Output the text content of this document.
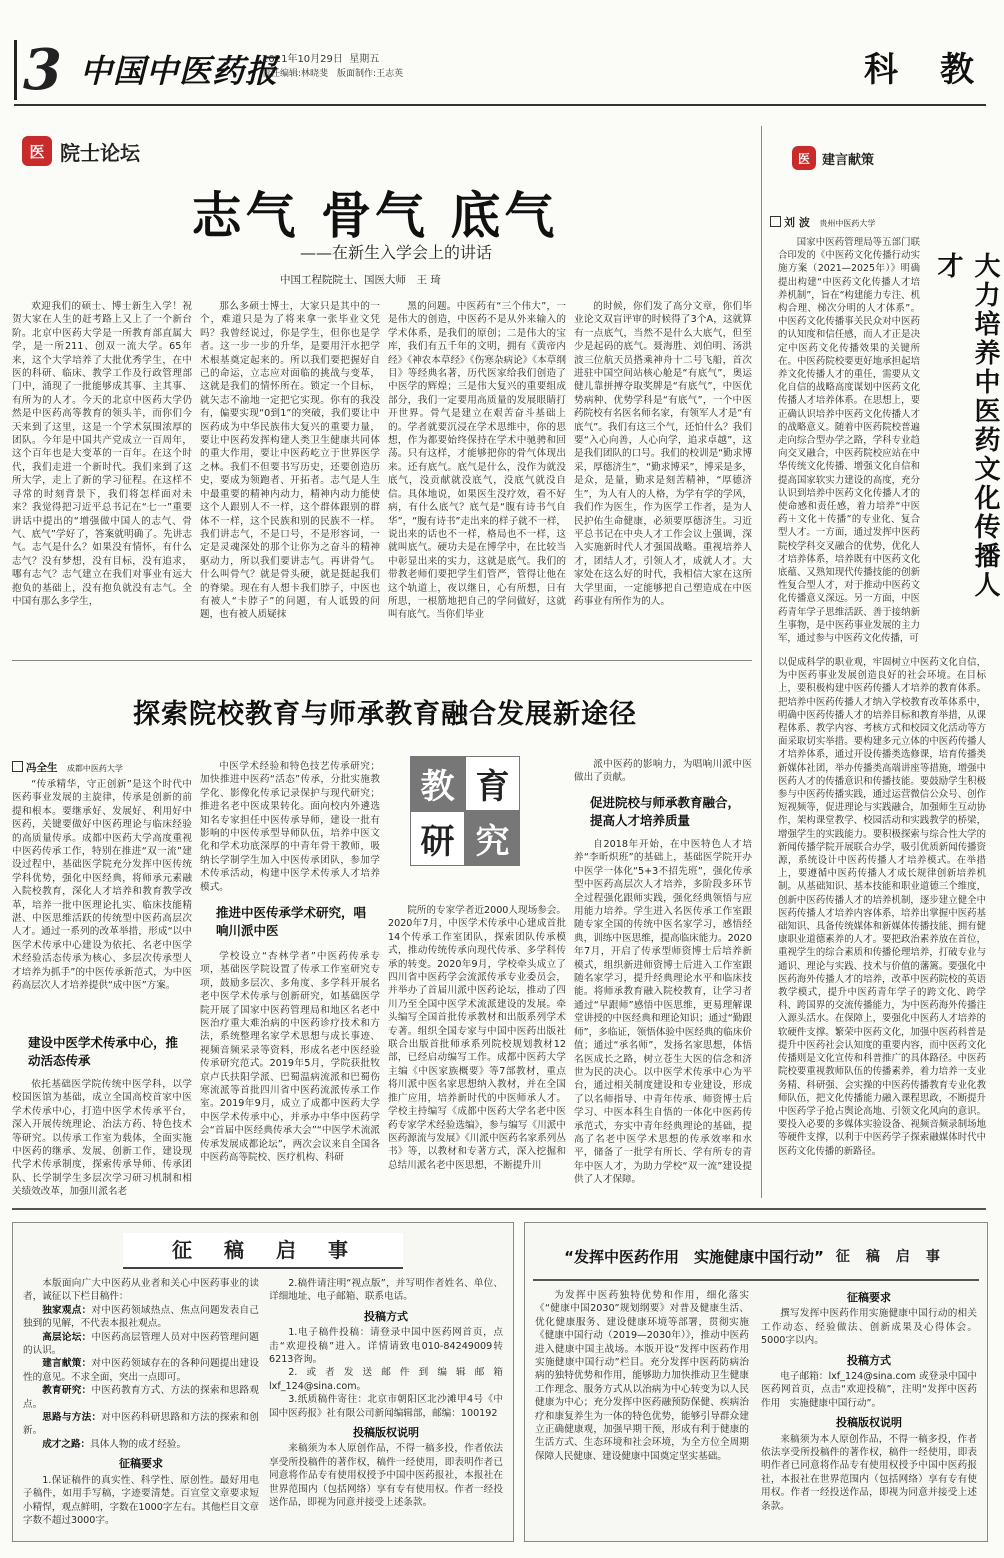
3 中国中医药报
2021年10月29日 星期五
责任编辑:林晓斐　版面制作:王志英	科　教
医 院士论坛
志气 骨气 底气
——在新生入学会上的讲话
中国工程院院士、国医大师　王 琦

欢迎我们的硕士、博士新生入学！祝贺大家在人生的赶考路上又上了一个新台阶。北京中医药大学是一所教育部直属大学，是一所211、创双一流大学。65年来，这个大学培养了大批优秀学生，在中医的科研、临床、教学工作及行政管理部门中，涌现了一批能够成其事、主其事、有所为的人才。今天的北京中医药大学仍然是中医药高等教育的领头羊，而你们今天来到了这里，这是一个学术氛围浓厚的团队。今年是中国共产党成立一百周年，这个百年也是大变革的一百年。在这个时代，我们走进一个新时代。我们来到了这所大学，走上了新的学习征程。在这样不寻常的时刻背景下，我们将怎样面对未来？我觉得把习近平总书记在“七一”重要讲话中提出的“增强做中国人的志气、骨气、底气”学好了，答案就明确了。先讲志气。志气是什么？如果没有情怀，有什么志气？没有梦想，没有目标，没有追求，哪有志气？志气建立在我们对事业有远大抱负的基础上，没有抱负就没有志气。全中国有那么多学生，

那么多硕士博士，大家只是其中的一个，难道只是为了将来拿一张毕业文凭吗？我曾经说过，你是学生，但你也是学者。这一步一步的升华，是要用汗水把学术根基奠定起来的。所以我们要把握好自己的命运，立志应对面临的挑战与变革，这就是我们的情怀所在。锁定一个目标，就矢志不渝地一定把它实现。你有的我没有，偏要实现“0到1”的突破，我们要让中医药成为中华民族伟大复兴的重要力量，要让中医药发挥构建人类卫生健康共同体的重大作用，要让中医药屹立于世界医学之林。我们不但要书写历史，还要创造历史，要成为领跑者、开拓者。志气是人生中最重要的精神内动力，精神内动力能使这个人跟别人不一样，这个群体跟别的群体不一样，这个民族和别的民族不一样。我们讲志气，不是口号，不是形容词，一定是灵魂深处的那个让你为之奋斗的精神驱动力，所以我们要讲志气。再讲骨气。什么叫骨气？就是骨头硬，就是挺起我们的脊梁。现在有人想卡我们脖子，中医也有被人“卡脖子”的问题，有人诋毁的问题，也有被人质疑抹

黑的问题。中医药有“三个伟大”，一是伟大的创造，中医药不是从外来输入的学术体系，是我们的原创；二是伟大的宝库，我们有五千年的文明，拥有《黄帝内经》《神农本草经》《伤寒杂病论》《本草纲目》等经典名著，历代医家给我们创造了中医学的辉煌；三是伟大复兴的重要组成部分，我们一定要用高质量的发展眼睛打开世界。骨气是建立在艰苦奋斗基础上的。学者就要沉浸在学术思维中，你的思想，作为都要始终保持在学术中驰骋和回荡。只有这样，才能够把你的骨气体现出来。还有底气。底气是什么，没作为就没底气，没贡献就没底气，没底气就没自信。具体地说，如果医生没疗效，看不好病，有什么底气？底气是“腹有诗书气自华”，“腹有诗书”走出来的样子就不一样，说出来的话也不一样，格局也不一样，这就叫底气。硬功夫是在博学中，在比较当中彰显出来的实力，这就是底气。我们的带教老师们要把学生们管严，管得让他在这个轨道上，夜以继日，心有所想，日有所思，一根筋地把自己的学问做好，这就叫有底气。当你们毕业

的时候，你们发了高分文章，你们毕业论文双盲评审的时候得了3个A，这就算有一点底气，当然不是什么大底气，但至少是起码的底气。聂海胜、刘伯明、汤洪波三位航天员搭乘神舟十二号飞船，首次进驻中国空间站核心舱是“有底气”，奥运健儿靠拼搏夺取奖牌是“有底气”，中医优势病种、优势学科是“有底气”，一个中医药院校有名医名师名家，有领军人才是“有底气”。我们有这三个气，还怕什么？我们要“入心向善，人心向学，追求卓越”，这是我们团队的口号。我们的校训是“勤求博采，厚德济生”，“勤求博采”，博采是多，是众，是量，勤求是刻苦精神，“厚德济生”，为人有人的人格，为学有学的学风，我们作为医生，作为医学工作者，是为人民护佑生命健康，必须要厚德济生。习近平总书记在中央人才工作会议上强调，深入实施新时代人才强国战略。重视培养人才，团结人才，引领人才，成就人才。大家处在这么好的时代，我相信大家在这所大学里面，一定能够把自己塑造成在中医药事业有所作为的人。

医 建言献策
刘 波 贵州中医药大学
大力培养中医药文化传播人才

国家中医药管理局等五部门联合印发的《中医药文化传播行动实施方案（2021—2025年）》明确提出构建“中医药文化传播人才培养机制”，旨在“构建能力专注、机构合理、梯次分明的人才体系”。中医药文化传播事关民众对中医药的认知度和信任感，而人才正是决定中医药文化传播效果的关键所在。中医药院校要更好地承担起培养文化传播人才的重任，需要从文化自信的战略高度谋划中医药文化传播人才培养体系。在思想上，要正确认识培养中医药文化传播人才的战略意义。随着中医药院校普遍走向综合型办学之路，学科专业趋向交叉融合，中医药院校应站在中华传统文化传播、增强文化自信和提高国家软实力建设的高度，充分认识到培养中医药文化传播人才的使命感和责任感，着力培养“中医药＋文化＋传播”的专业化、复合型人才。一方面，通过发挥中医药院校学科交叉融合的优势，优化人才培养体系，培养既有中医药文化底蕴、又熟知现代传播技能的创新性复合型人才，对于推动中医药文化传播意义深远。另一方面，中医药青年学子思维活跃、善于接纳新生事物，是中医药事业发展的主力军，通过参与中医药文化传播，可

以促成科学的职业观，牢固树立中医药文化自信，为中医药事业发展创造良好的社会环境。在目标上，要积极构建中医药传播人才培养的教育体系。把培养中医药传播人才纳入学校教育改革体系中，明确中医药传播人才的培养目标和教育举措，从课程体系、教学内容、考核方式和校园文化活动等方面采取切实举措。要构建多元立体的中医药传播人才培养体系，通过开设传播类选修课，培育传播类新媒体社团，举办传播类高端讲座等措施，增强中医药人才的传播意识和传播技能。要鼓励学生积极参与中医药传播实践，通过运营微信公众号、创作短视频等，促进理论与实践融合，加强师生互动协作，架构课堂教学、校园活动和实践教学的桥梁，增强学生的实践能力。要积极探索与综合性大学的新闻传播学院开展联合办学，吸引优质新闻传播资源，系统设计中医药传播人才培养模式。在举措上，要遵循中医药传播人才成长规律创新培养机制。从基础知识、基本技能和职业道德三个维度，创新中医药传播人才的培养机制，逐步建立健全中医药传播人才培养内容体系，培养出掌握中医药基础知识、具备传统媒体和新媒体传播技能、拥有健康职业道德素养的人才。要把政治素养放在首位，重视学生的综合素质和传播伦理培养，打破专业与通识、理论与实践、技术与价值的藩篱。要强化中医药海外传播人才的培养，改革中医药院校的英语教学模式，提升中医药青年学子的跨文化、跨学科、跨国界的交流传播能力，为中医药海外传播注入源头活水。在保障上，要强化中医药人才培养的软硬件支撑。繁荣中医药文化，加强中医药科普是提升中医药社会认知度的重要内容，而中医药文化传播则是文化宣传和科普推广的具体路径。中医药院校要重视教师队伍的传播素养，着力培养一支业务精、科研强、会实操的中医药传播教育专业化教师队伍，把文化传播能力融入课程思政，不断提升中医药学子抢占舆论高地、引领文化风向的意识。要投入必要的多媒体实验设备、视频音频录制场地等硬件支撑，以利于中医药学子探索融媒体时代中医药文化传播的新路径。

探索院校教育与师承教育融合发展新途径
冯全生 成都中医药大学

“传承精华，守正创新”是这个时代中医药事业发展的主旋律，传承是创新的前提和根本。要继承好、发展好、利用好中医药，关键要做好中医药理论与临床经验的高质量传承。成都中医药大学高度重视中医药传承工作，特别在推进“双一流”建设过程中，基础医学院充分发挥中医传统学科优势，强化中医经典，将师承元素融入院校教育，深化人才培养和教育教学改革，培养一批中医理论扎实、临床技能精湛、中医思维活跃的传统型中医药高层次人才。通过一系列的改革举措，形成“以中医学术传承中心建设为依托、名老中医学术经验活态传承为核心、多层次传承型人才培养为抓手”的中医传承新范式，为中医药高层次人才培养提供“成中医”方案。

建设中医学术传承中心，推动活态传承

依托基础医学院传统中医学科，以学校国医馆为基础，成立全国高校首家中医学术传承中心，打造中医学术传承平台，深入开展传统理论、治法方药、特色技术等研究。以传承工作室为载体，全面实施中医药的继承、发展、创新工作，建设现代学术传承制度，探索传承导师、传承团队、长学制学生多层次学习研习机制和相关绩效改革，加强川派名老

中医学术经验和特色技艺传承研究；加快推进中医药“活态”传承，分批实施教学化、影像化传承记录保护与现代研究；推进名老中医成果转化。面向校内外遴选知名专家担任中医传承导师，建设一批有影响的中医传承型导师队伍，培养中医文化和学术功底深厚的中青年骨干教师，吸纳长学制学生加入中医传承团队，参加学术传承活动，构建中医学术传承人才培养模式。

推进中医传承学术研究，唱响川派中医

学校设立“杏林学者”中医药传承专项，基础医学院设置了传承工作室研究专项，鼓励多层次、多角度、多学科开展名老中医学术传承与创新研究，如基础医学院开展了国家中医药管理局和地区名老中医治疗重大难治病的中医药诊疗技术和方法，系统整理名家学术思想与成长事迹、视频音频采录等资料，形成名老中医经验传承研究范式。2019年5月，学院获批牧京卢氏扶阳学派、巴蜀温病流派和巴蜀伤寒流派等首批四川省中医药流派传承工作室。2019年9月，成立了成都中医药大学中医学术传承中心，并承办中华中医药学会“首届中医经典传承大会”“中医学术流派传承发展成都论坛”，两次会议来自全国各中医药高等院校、医疗机构、科研

教 育
研 究

院所的专家学者近2000人现场参会。2020年7月，中医学术传承中心建成首批14个传承工作室团队，探索团队传承模式，推动传统传承向现代传承、多学科传承的转变。2020年9月，学校牵头成立了四川省中医药学会流派传承专业委员会，并举办了首届川派中医药论坛，推动了四川乃至全国中医学术流派建设的发展。牵头编写全国首批传承教材和出版系列学术专著。组织全国专家与中国中医药出版社联合出版首批师承系列院校规划教材12部，已经启动编写工作。成都中医药大学主编《中医家族概要》等7部教材，重点将川派中医名家思想纳入教材，并在全国推广应用，培养新时代的中医师承人才。学校主持编写《成都中医药大学名老中医药专家学术经验选编》，参与编写《川派中医药源流与发展》《川派中医药名家系列丛书》等，以教材和专著方式，深入挖掘和总结川派名老中医思想，不断提升川

派中医药的影响力，为唱响川派中医做出了贡献。

促进院校与师承教育融合，提高人才培养质量

自2018年开始，在中医特色人才培养“李昕炽班”的基础上，基础医学院开办中医学一体化“5+3不招先班”，强化传承型中医药高层次人才培养，多阶段多环节全过程强化跟师实践，强化经典领悟与应用能力培养。学生进入名医传承工作室跟随专家全国的传统中医名家学习，感悟经典，训练中医思维，提高临床能力。2020年7月，开启了传承型师资博士后培养新模式，组织新进师资博士后进入工作室跟随名家学习，提升经典理论水平和临床技能。将师承教育融入院校教育，让学习者通过“早跟师”感悟中医思维，更易理解课堂讲授的中医经典和理论知识；通过“勤跟师”，多临证，领悟体验中医经典的临床价值；通过“承名师”，发扬名家思想，体悟名医成长之路，树立苍生大医的信念和济世为民的决心。以中医学术传承中心为平台，通过相关制度建设和专业建设，形成了以名师指导、中青年传承、师资博士后学习、中医本科生自悟的一体化中医药传承范式，夯实中青年经典理论的基础，提高了名老中医学术思想的传承效率和水平，储备了一批学有所长、学有所专的青年中医人才，为助力学校“双一流”建设提供了人才保障。

征　稿　启　事

本版面向广大中医药从业者和关心中医药事业的读者，诚征以下栏目稿件：

独家观点：对中医药领域热点、焦点问题发表自己独到的见解，不代表本报社观点。

高层论坛：中医药高层管理人员对中医药管理问题的认识。

建言献策：对中医药领域存在的各种问题提出建设性的意见。不求全面，突出一点即可。

教育研究：中医药教育方式、方法的探索和思路观点。

思路与方法：对中医药科研思路和方法的探索和创新。

成才之路：具体人物的成才经验。

征稿要求

1.保证稿件的真实性、科学性、原创性。最好用电子稿件，如用手写稿，字迹要清楚。百宣堂文章要求短小精悍，观点鲜明，字数在1000字左右。其他栏目文章字数不超过3000字。

2.稿件请注明“视点版”，并写明作者姓名、单位、详细地址、电子邮箱、联系电话。

投稿方式

1.电子稿件投稿：请登录中国中医药网首页，点击“欢迎投稿”进入。详情请致电010-84249009转6213咨询。

2.或者发送邮件到编辑邮箱 lxf_124@sina.com。

3.纸质稿件寄往：北京市朝阳区北沙滩甲4号《中国中医药报》社有限公司新闻编辑部，邮编：100192

投稿版权说明

来稿须为本人原创作品，不得一稿多投，作者依法享受所投稿件的著作权，稿件一经使用，即表明作者已同意将作品专有使用权授予中国中医药报社，本报社在世界范围内（包括网络）享有专有使用权。作者一经投送作品，即视为同意并接受上述条款。

“发挥中医药作用　实施健康中国行动” 征 稿 启 事

为发挥中医药独特优势和作用，细化落实《“健康中国2030”规划纲要》对普及健康生活、优化健康服务、建设健康环境等部署，贯彻实施《健康中国行动（2019—2030年）》，推动中医药进入健康中国主战场。本版开设“发挥中医药作用　实施健康中国行动”栏目。充分发挥中医药防病治病的独特优势和作用，能够助力加快推动卫生健康工作理念、服务方式从以治病为中心转变为以人民健康为中心；充分发挥中医药融预防保健、疾病治疗和康复养生为一体的特色优势，能够引导群众建立正确健康观，加强早期干预，形成有利于健康的生活方式、生态环境和社会环境，为全方位全周期保障人民健康、建设健康中国奠定坚实基础。

征稿要求

撰写发挥中医药作用实施健康中国行动的相关工作动态、经验做法、创新成果及心得体会。5000字以内。

投稿方式

电子邮箱：lxf_124@sina.com 或登录中国中医药网首页，点击“欢迎投稿”，注明“发挥中医药作用　实施健康中国行动”。

投稿版权说明

来稿须为本人原创作品，不得一稿多投，作者依法享受所投稿件的著作权，稿件一经使用，即表明作者已同意将作品专有使用权授予中国中医药报社，本报社在世界范围内（包括网络）享有专有使用权。作者一经投送作品，即视为同意并接受上述条款。
